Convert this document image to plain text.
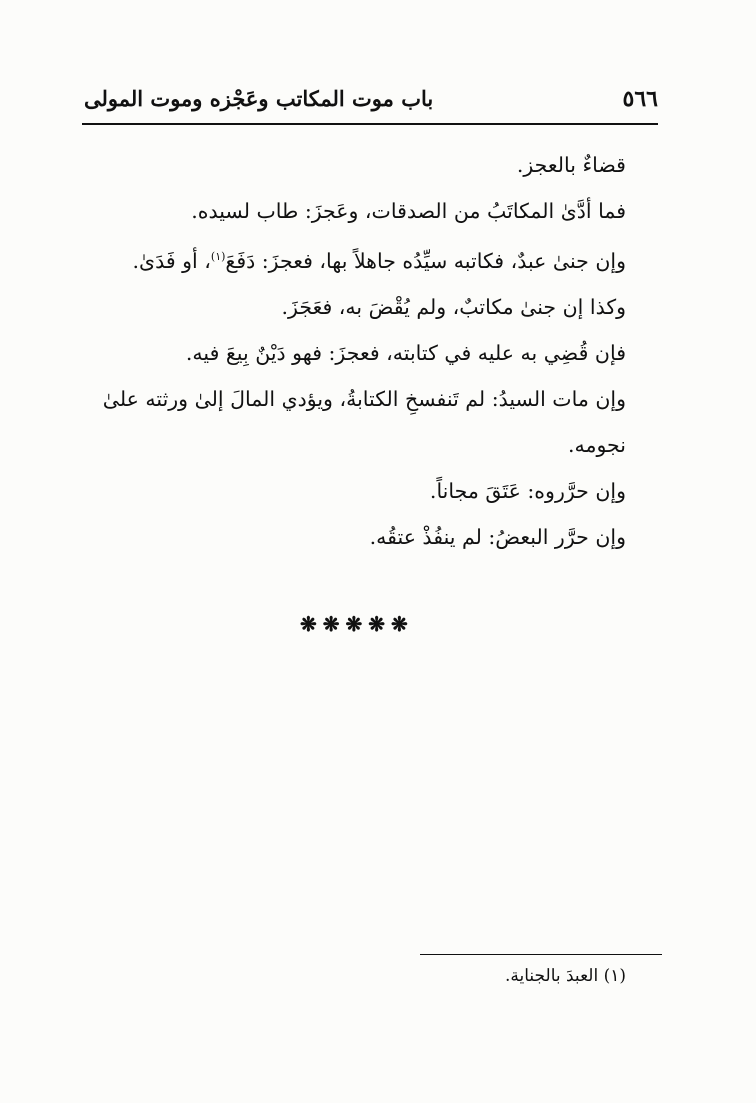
٥٦٦
باب موت المكاتب وعَجْزه وموت المولى

قضاءٌ بالعجز.

فما أدَّىٰ المكاتَبُ من الصدقات، وعَجزَ: طاب لسيده.

وإن جنىٰ عبدٌ، فكاتبه سيِّدُه جاهلاً بها، فعجزَ: دَفَعَ$^{(١)}$، أو فَدَىٰ.

وكذا إن جنىٰ مكاتبٌ، ولم يُقْضَ به، فعَجَزَ.

فإن قُضِي به عليه في كتابته، فعجزَ: فهو دَيْنٌ بِيعَ فيه.

وإن مات السيدُ: لم تَنفسخِ الكتابةُ، ويؤدي المالَ إلىٰ ورثته علىٰ

نجومه.

وإن حرَّروه: عَتَقَ مجاناً.

وإن حرَّر البعضُ: لم ينفُذْ عتقُه.

❋❋❋❋❋
(١) العبدَ بالجناية.
